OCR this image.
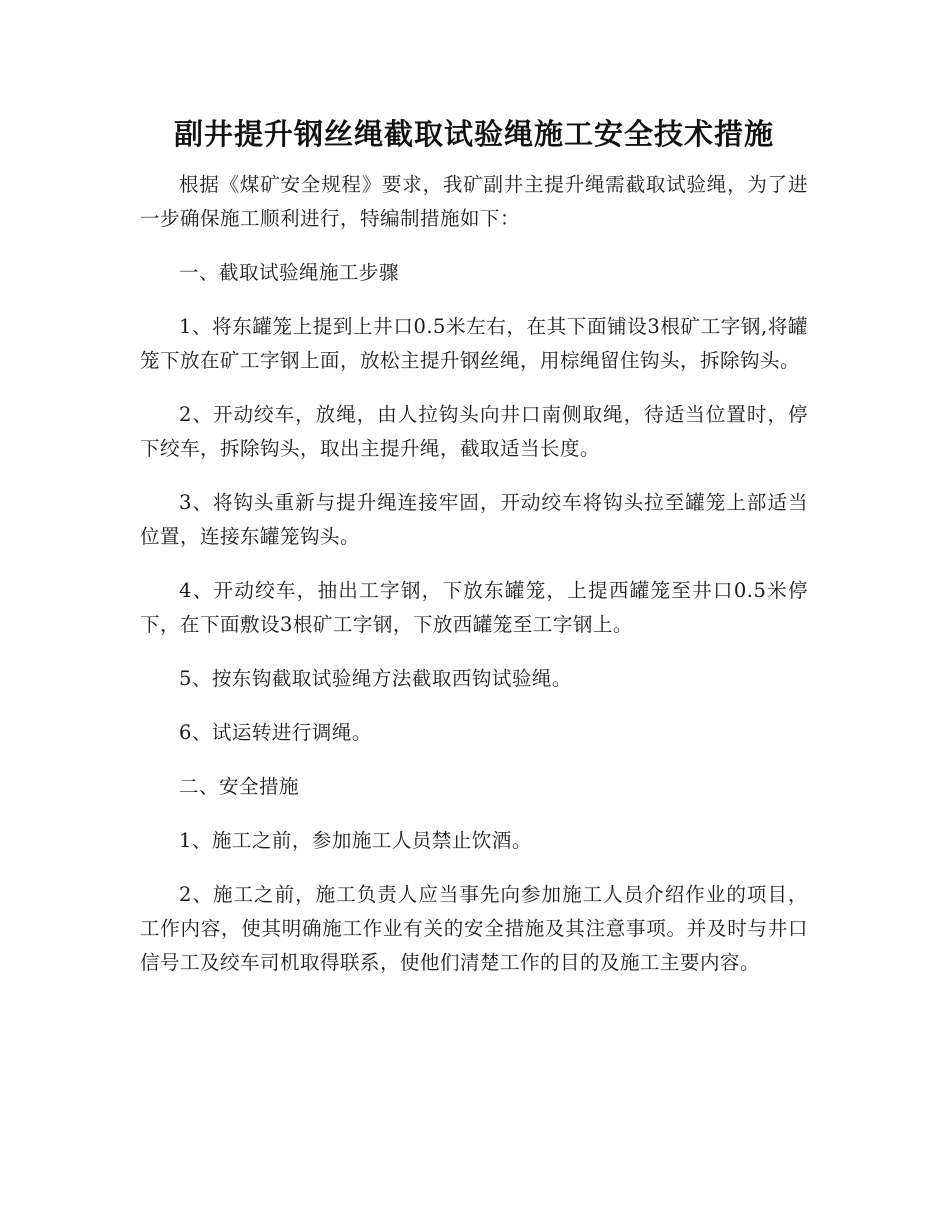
副井提升钢丝绳截取试验绳施工安全技术措施

根据《煤矿安全规程》要求，我矿副井主提升绳需截取试验绳，为了进一步确保施工顺利进行，特编制措施如下：

一、截取试验绳施工步骤

1、将东罐笼上提到上井口0.5米左右，在其下面铺设3根矿工字钢,将罐笼下放在矿工字钢上面，放松主提升钢丝绳，用棕绳留住钩头，拆除钩头。

2、开动绞车，放绳，由人拉钩头向井口南侧取绳，待适当位置时，停下绞车，拆除钩头，取出主提升绳，截取适当长度。

3、将钩头重新与提升绳连接牢固，开动绞车将钩头拉至罐笼上部适当位置，连接东罐笼钩头。

4、开动绞车，抽出工字钢，下放东罐笼，上提西罐笼至井口0.5米停下，在下面敷设3根矿工字钢，下放西罐笼至工字钢上。

5、按东钩截取试验绳方法截取西钩试验绳。

6、试运转进行调绳。

二、安全措施

1、施工之前，参加施工人员禁止饮酒。

2、施工之前，施工负责人应当事先向参加施工人员介绍作业的项目，工作内容，使其明确施工作业有关的安全措施及其注意事项。并及时与井口信号工及绞车司机取得联系，使他们清楚工作的目的及施工主要内容。
